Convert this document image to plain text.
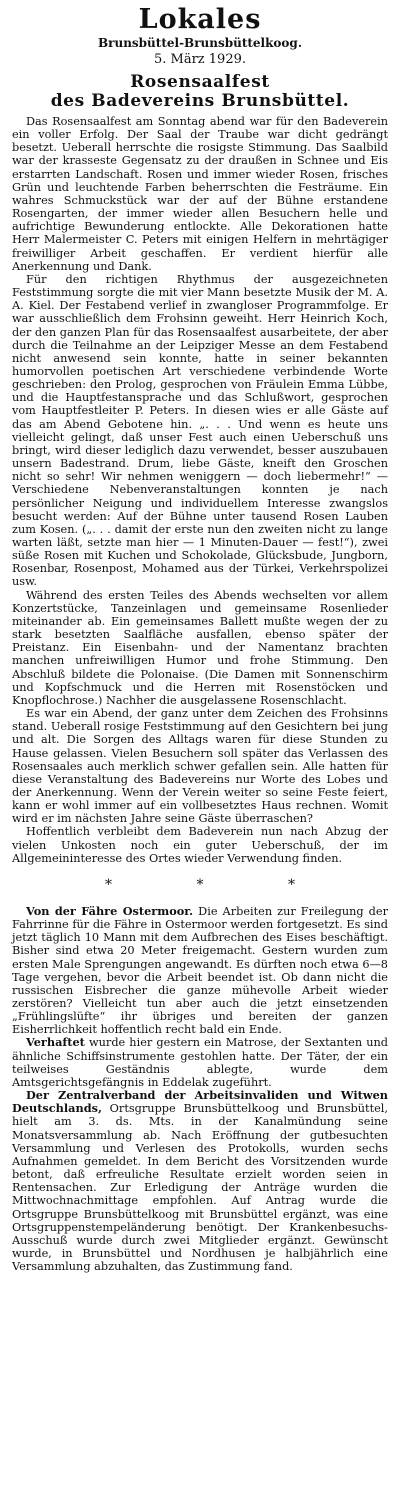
Lokales
Brunsbüttel-Brunsbüttelkoog.
5. März 1929.
Rosensaalfest
des Badevereins Brunsbüttel.

Das Rosensaalfest am Sonntag abend war für den Badeverein ein voller Erfolg. Der Saal der Traube war dicht gedrängt besetzt. Ueberall herrschte die rosigste Stimmung. Das Saalbild war der krasseste Gegensatz zu der draußen in Schnee und Eis erstarrten Landschaft. Rosen und immer wieder Rosen, frisches Grün und leuchtende Farben beherrschten die Festräume. Ein wahres Schmuckstück war der auf der Bühne erstandene Rosengarten, der immer wieder allen Besuchern helle und aufrichtige Bewunderung entlockte. Alle Dekorationen hatte Herr Malermeister C. Peters mit einigen Helfern in mehrtägiger freiwilliger Arbeit geschaffen. Er verdient hierfür alle Anerkennung und Dank.

Für den richtigen Rhythmus der ausgezeichneten Feststimmung sorgte die mit vier Mann besetzte Musik der M. A. A. Kiel. Der Festabend verlief in zwangloser Programmfolge. Er war ausschließlich dem Frohsinn geweiht. Herr Heinrich Koch, der den ganzen Plan für das Rosensaalfest ausarbeitete, der aber durch die Teilnahme an der Leipziger Messe an dem Festabend nicht anwesend sein konnte, hatte in seiner bekannten humorvollen poetischen Art verschiedene verbindende Worte geschrieben: den Prolog, gesprochen von Fräulein Emma Lübbe, und die Hauptfestansprache und das Schlußwort, gesprochen vom Hauptfestleiter P. Peters. In diesen wies er alle Gäste auf das am Abend Gebotene hin. „. . . Und wenn es heute uns vielleicht gelingt, daß unser Fest auch einen Ueberschuß uns bringt, wird dieser lediglich dazu verwendet, besser auszubauen unsern Badestrand. Drum, liebe Gäste, kneift den Groschen nicht so sehr! Wir nehmen weniggern — doch liebermehr!“ — Verschiedene Nebenveranstaltungen konnten je nach persönlicher Neigung und individuellem Interesse zwangslos besucht werden: Auf der Bühne unter tausend Rosen Lauben zum Kosen. („. . . damit der erste nun den zweiten nicht zu lange warten läßt, setzte man hier — 1 Minuten-Dauer — fest!“), zwei süße Rosen mit Kuchen und Schokolade, Glücksbude, Jungborn, Rosenbar, Rosenpost, Mohamed aus der Türkei, Verkehrspolizei usw.

Während des ersten Teiles des Abends wechselten vor allem Konzertstücke, Tanzeinlagen und gemeinsame Rosenlieder miteinander ab. Ein gemeinsames Ballett mußte wegen der zu stark besetzten Saalfläche ausfallen, ebenso später der Preistanz. Ein Eisenbahn- und der Namentanz brachten manchen unfreiwilligen Humor und frohe Stimmung. Den Abschluß bildete die Polonaise. (Die Damen mit Sonnenschirm und Kopfschmuck und die Herren mit Rosenstöcken und Knopflochrose.) Nachher die ausgelassene Rosenschlacht.

Es war ein Abend, der ganz unter dem Zeichen des Frohsinns stand. Ueberall rosige Feststimmung auf den Gesichtern bei jung und alt. Die Sorgen des Alltags waren für diese Stunden zu Hause gelassen. Vielen Besuchern soll später das Verlassen des Rosensaales auch merklich schwer gefallen sein. Alle hatten für diese Veranstaltung des Badevereins nur Worte des Lobes und der Anerkennung. Wenn der Verein weiter so seine Feste feiert, kann er wohl immer auf ein vollbesetztes Haus rechnen. Womit wird er im nächsten Jahre seine Gäste überraschen?

Hoffentlich verbleibt dem Badeverein nun nach Abzug der vielen Unkosten noch ein guter Ueberschuß, der im Allgemeininteresse des Ortes wieder Verwendung finden.

* * *

Von der Fähre Ostermoor. Die Arbeiten zur Freilegung der Fahrrinne für die Fähre in Ostermoor werden fortgesetzt. Es sind jetzt täglich 10 Mann mit dem Aufbrechen des Eises beschäftigt. Bisher sind etwa 20 Meter freigemacht. Gestern wurden zum ersten Male Sprengungen angewandt. Es dürften noch etwa 6—8 Tage vergehen, bevor die Arbeit beendet ist. Ob dann nicht die russischen Eisbrecher die ganze mühevolle Arbeit wieder zerstören? Vielleicht tun aber auch die jetzt einsetzenden „Frühlingslüfte“ ihr übriges und bereiten der ganzen Eisherrlichkeit hoffentlich recht bald ein Ende.

Verhaftet wurde hier gestern ein Matrose, der Sextanten und ähnliche Schiffsinstrumente gestohlen hatte. Der Täter, der ein teilweises Geständnis ablegte, wurde dem Amtsgerichtsgefängnis in Eddelak zugeführt.

Der Zentralverband der Arbeitsinvaliden und Witwen Deutschlands, Ortsgruppe Brunsbüttelkoog und Brunsbüttel, hielt am 3. ds. Mts. in der Kanalmündung seine Monatsversammlung ab. Nach Eröffnung der gutbesuchten Versammlung und Verlesen des Protokolls, wurden sechs Aufnahmen gemeldet. In dem Bericht des Vorsitzenden wurde betont, daß erfreuliche Resultate erzielt worden seien in Rentensachen. Zur Erledigung der Anträge wurden die Mittwochnachmittage empfohlen. Auf Antrag wurde die Ortsgruppe Brunsbüttelkoog mit Brunsbüttel ergänzt, was eine Ortsgruppenstempeländerung benötigt. Der Krankenbesuchs-Ausschuß wurde durch zwei Mitglieder ergänzt. Gewünscht wurde, in Brunsbüttel und Nordhusen je halbjährlich eine Versammlung abzuhalten, das Zustimmung fand.
